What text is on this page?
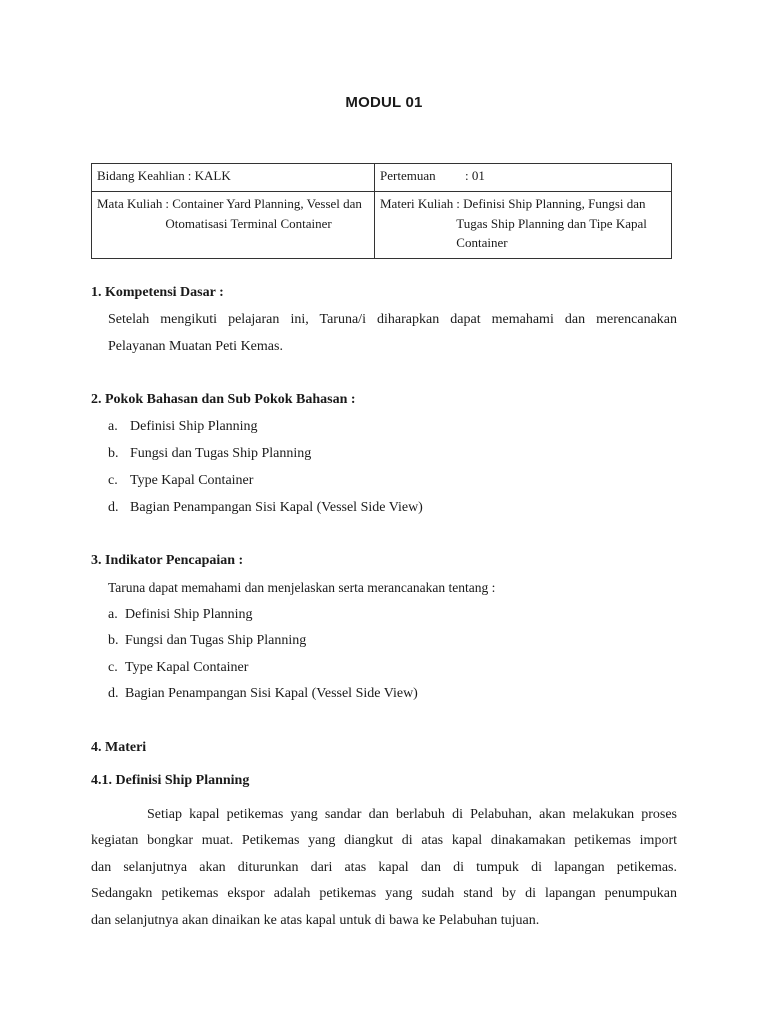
MODUL 01
Bidang Keahlian : KALK	Pertemuan : 01

Mata Kuliah : Container Yard Planning, Vessel dan Otomatisasi Terminal Container	Materi Kuliah : Definisi Ship Planning, Fungsi dan Tugas Ship Planning dan Tipe Kapal Container
1. Kompetensi Dasar :
Setelah mengikuti pelajaran ini, Taruna/i diharapkan dapat memahami dan merencanakan
Pelayanan Muatan Peti Kemas.
2. Pokok Bahasan dan Sub Pokok Bahasan :
a. Definisi Ship Planning
b. Fungsi dan Tugas Ship Planning
c. Type Kapal Container
d. Bagian Penampangan Sisi Kapal (Vessel Side View)
3. Indikator Pencapaian :
Taruna dapat memahami dan menjelaskan serta merancanakan tentang :
a. Definisi Ship Planning
b. Fungsi dan Tugas Ship Planning
c. Type Kapal Container
d. Bagian Penampangan Sisi Kapal (Vessel Side View)
4. Materi
4.1. Definisi Ship Planning
Setiap kapal petikemas yang sandar dan berlabuh di Pelabuhan, akan melakukan proses
kegiatan bongkar muat. Petikemas yang diangkut di atas kapal dinakamakan petikemas import
dan selanjutnya akan diturunkan dari atas kapal dan di tumpuk di lapangan petikemas.
Sedangakn petikemas ekspor adalah petikemas yang sudah stand by di lapangan penumpukan
dan selanjutnya akan dinaikan ke atas kapal untuk di bawa ke Pelabuhan tujuan.
